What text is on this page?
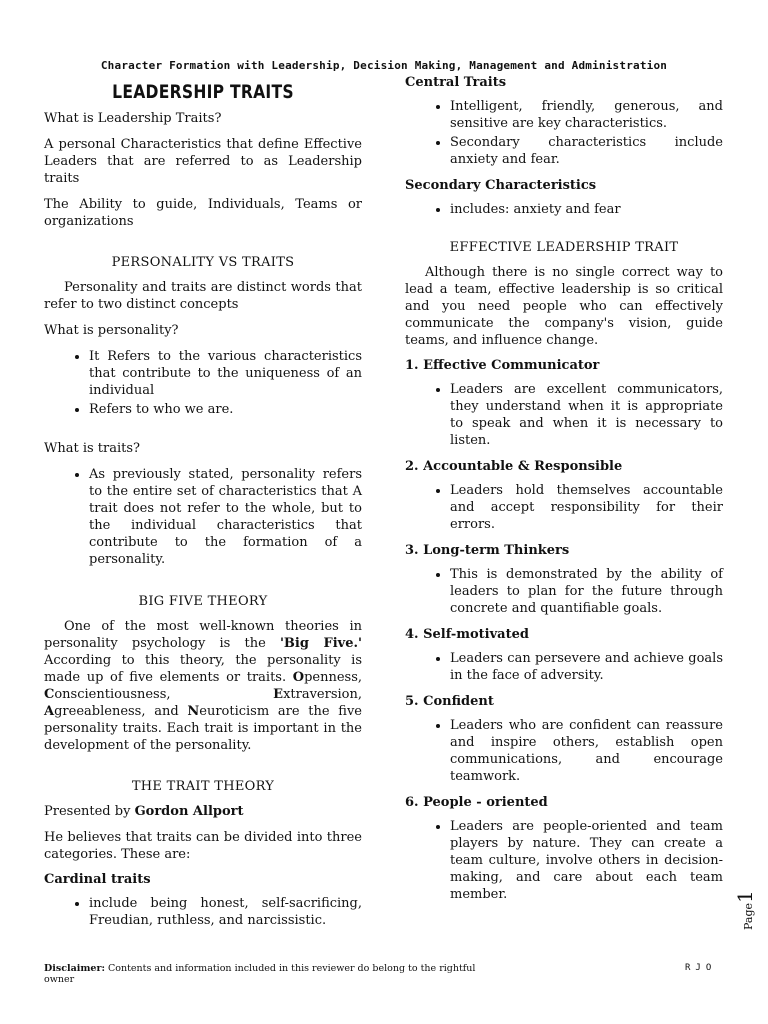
Character Formation with Leadership, Decision Making, Management and Administration
LEADERSHIP TRAITS

What is Leadership Traits?

A personal Characteristics that define Effective Leaders that are referred to as Leadership traits

The Ability to guide, Individuals, Teams or organizations

PERSONALITY VS TRAITS

Personality and traits are distinct words that refer to two distinct concepts

What is personality?

• It Refers to the various characteristics that contribute to the uniqueness of an individual
• Refers to who we are.

What is traits?

• As previously stated, personality refers to the entire set of characteristics that A trait does not refer to the whole, but to the individual characteristics that contribute to the formation of a personality.
BIG FIVE THEORY

One of the most well-known theories in personality psychology is the 'Big Five.' According to this theory, the personality is made up of five elements or traits. Openness, Conscientiousness, Extraversion, Agreeableness, and Neuroticism are the five personality traits. Each trait is important in the development of the personality.

THE TRAIT THEORY

Presented by Gordon Allport

He believes that traits can be divided into three categories. These are:

Cardinal traits
• include being honest, self-sacrificing, Freudian, ruthless, and narcissistic.
Central Traits
• Intelligent, friendly, generous, and sensitive are key characteristics.
• Secondary characteristics include anxiety and fear.
Secondary Characteristics
• includes: anxiety and fear
EFFECTIVE LEADERSHIP TRAIT

Although there is no single correct way to lead a team, effective leadership is so critical and you need people who can effectively communicate the company's vision, guide teams, and influence change.

1. Effective Communicator
• Leaders are excellent communicators, they understand when it is appropriate to speak and when it is necessary to listen.
2. Accountable & Responsible
• Leaders hold themselves accountable and accept responsibility for their errors.
3. Long-term Thinkers
• This is demonstrated by the ability of leaders to plan for the future through concrete and quantifiable goals.
4. Self-motivated
• Leaders can persevere and achieve goals in the face of adversity.
5. Confident
• Leaders who are confident can reassure and inspire others, establish open communications, and encourage teamwork.
6. People - oriented
• Leaders are people-oriented and team players by nature. They can create a team culture, involve others in decision-making, and care about each team member.
Disclaimer: Contents and information included in this reviewer do belong to the rightful owner
RJO
Page1
